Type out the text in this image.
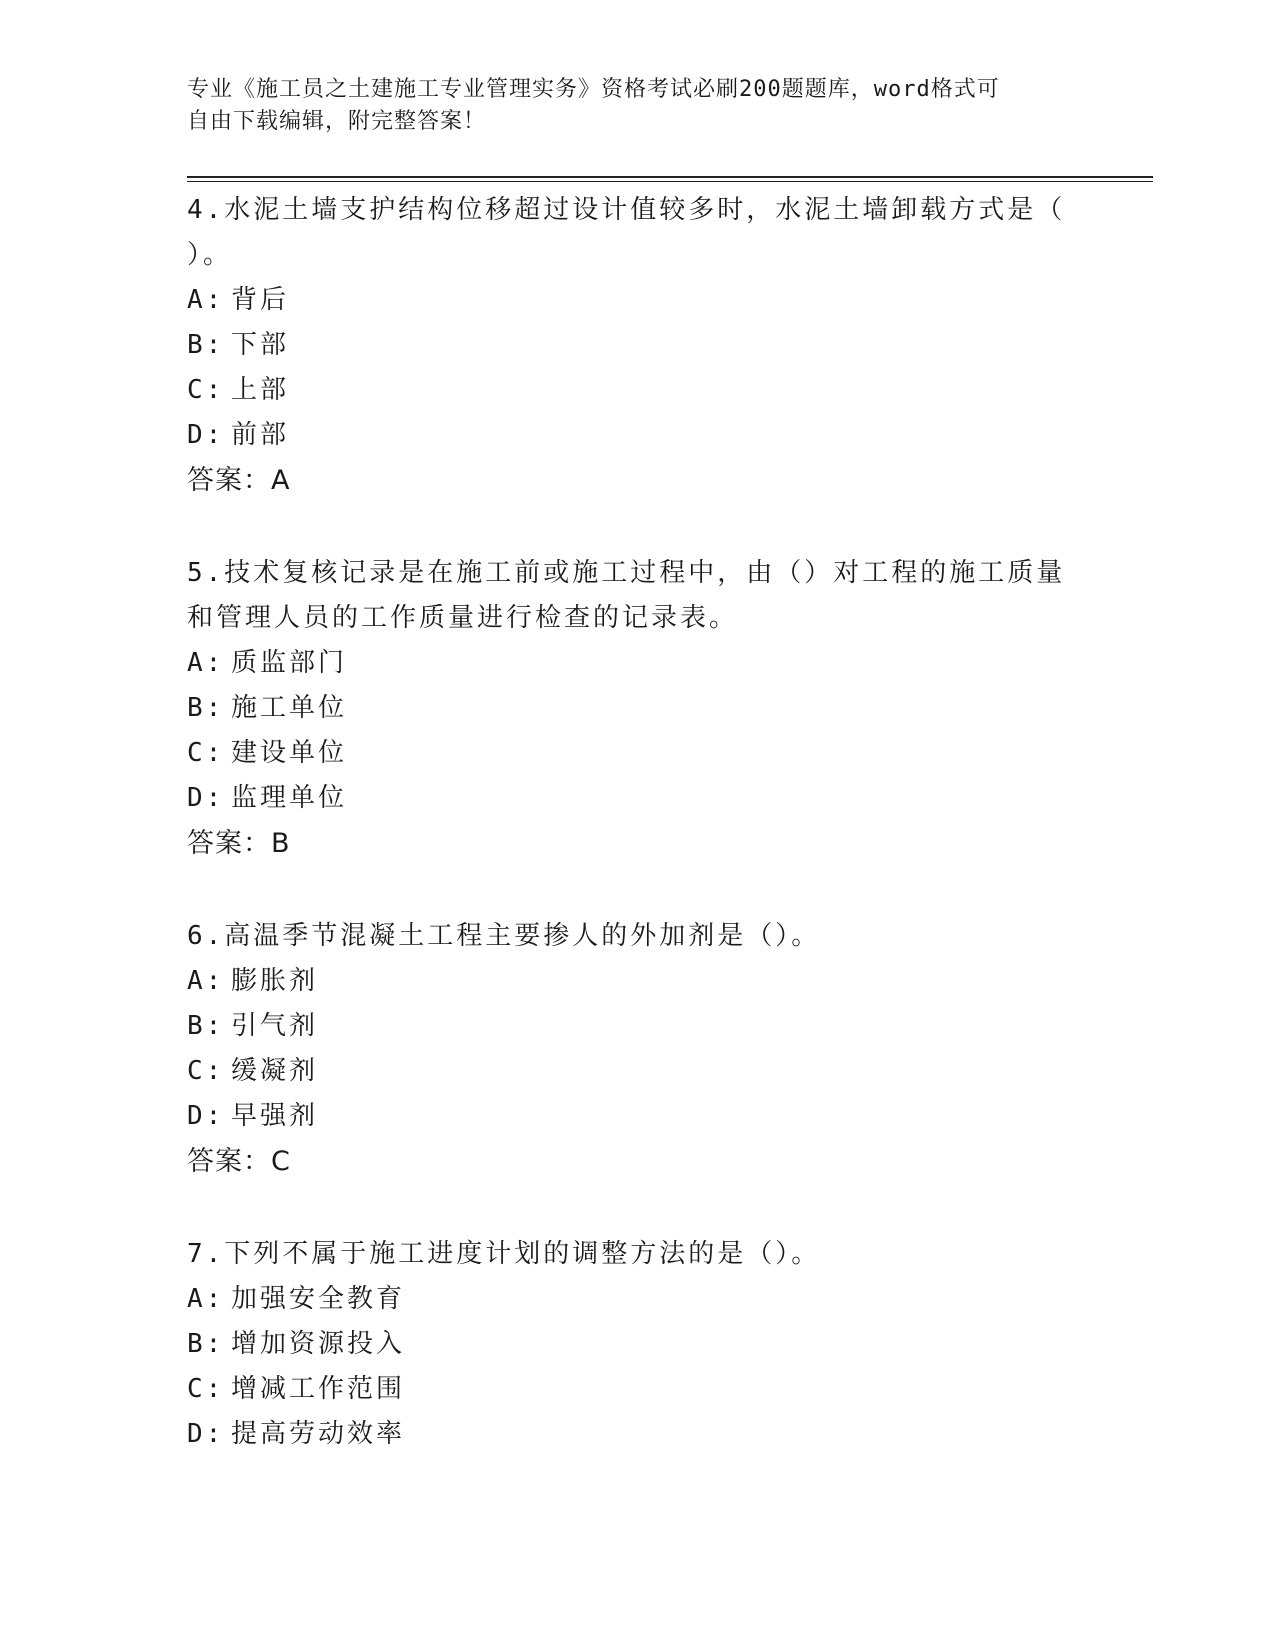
专业《施工员之土建施工专业管理实务》资格考试必刷200题题库，word格式可
自由下载编辑，附完整答案！
4.水泥土墙支护结构位移超过设计值较多时，水泥土墙卸载方式是（ ）。
A: 背后
B: 下部
C: 上部
D: 前部
答案：A
5.技术复核记录是在施工前或施工过程中，由（）对工程的施工质量和管理人员的工作质量进行检查的记录表。
A: 质监部门
B: 施工单位
C: 建设单位
D: 监理单位
答案：B
6.高温季节混凝土工程主要掺人的外加剂是（）。
A: 膨胀剂
B: 引气剂
C: 缓凝剂
D: 早强剂
答案：C
7.下列不属于施工进度计划的调整方法的是（）。
A: 加强安全教育
B: 增加资源投入
C: 增减工作范围
D: 提高劳动效率
